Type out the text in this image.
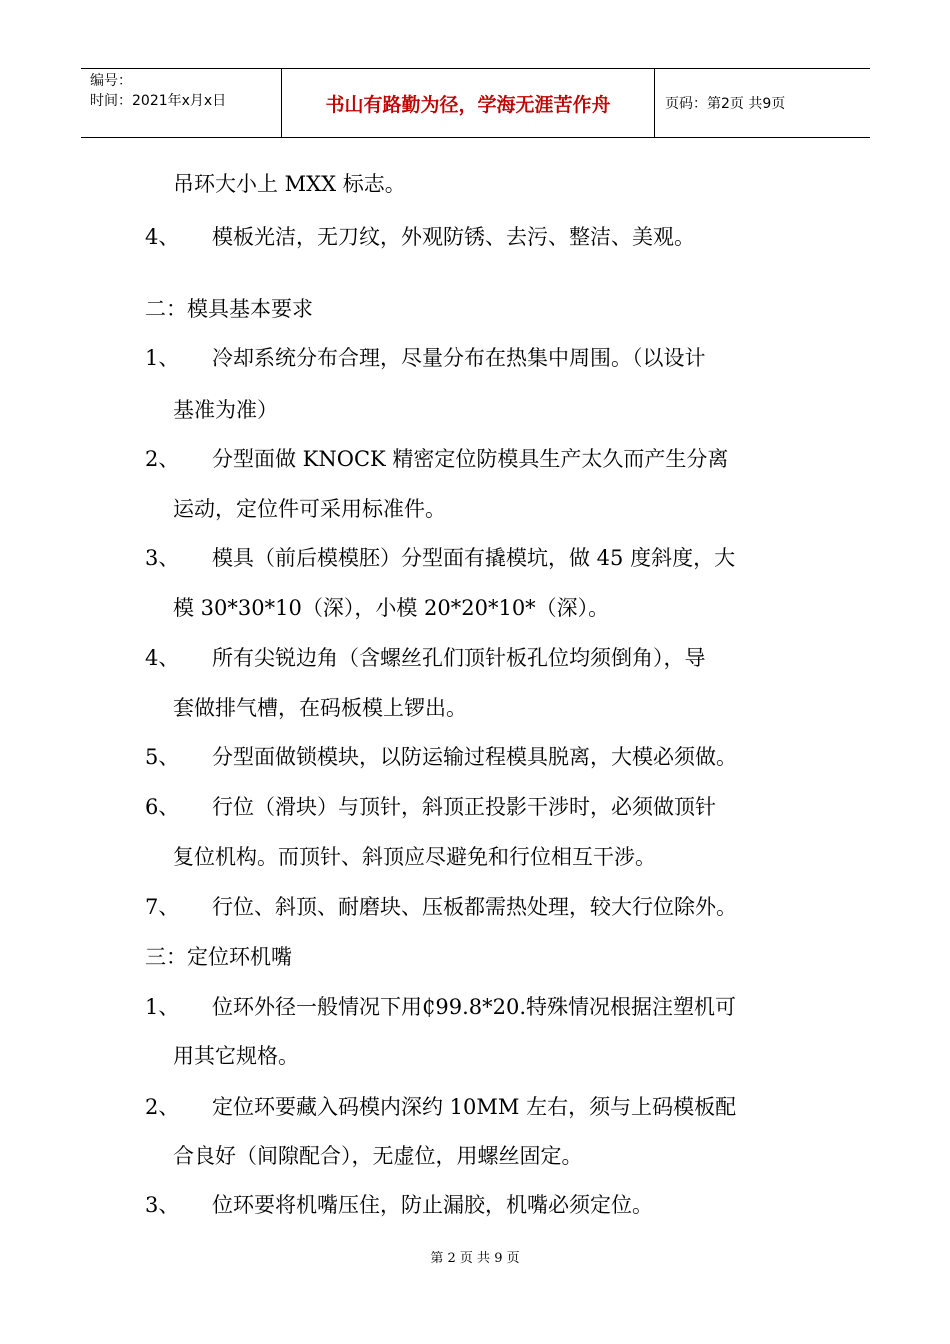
编号：
时间：2021年x月x日	书山有路勤为径，学海无涯苦作舟	页码：第2页 共9页
4、
1、
2、
3、
4、
5、
6、
7、
1、
2、
3、
吊环大小上 MXX 标志。
模板光洁，无刀纹，外观防锈、去污、整洁、美观。
二：模具基本要求
冷却系统分布合理，尽量分布在热集中周围。（以设计
基准为准）
分型面做 KNOCK 精密定位防模具生产太久而产生分离
运动，定位件可采用标准件。
模具（前后模模胚）分型面有撬模坑，做 45 度斜度，大
模 30*30*10（深），小模 20*20*10*（深）。
所有尖锐边角（含螺丝孔们顶针板孔位均须倒角），导
套做排气槽，在码板模上锣出。
分型面做锁模块，以防运输过程模具脱离，大模必须做。
行位（滑块）与顶针，斜顶正投影干涉时，必须做顶针
复位机构。而顶针、斜顶应尽避免和行位相互干涉。
行位、斜顶、耐磨块、压板都需热处理，较大行位除外。
三：定位环机嘴
位环外径一般情况下用₵99.8*20.特殊情况根据注塑机可
用其它规格。
定位环要藏入码模内深约 10MM 左右，须与上码模板配
合良好（间隙配合），无虚位，用螺丝固定。
位环要将机嘴压住，防止漏胶，机嘴必须定位。
第 2 页 共 9 页
